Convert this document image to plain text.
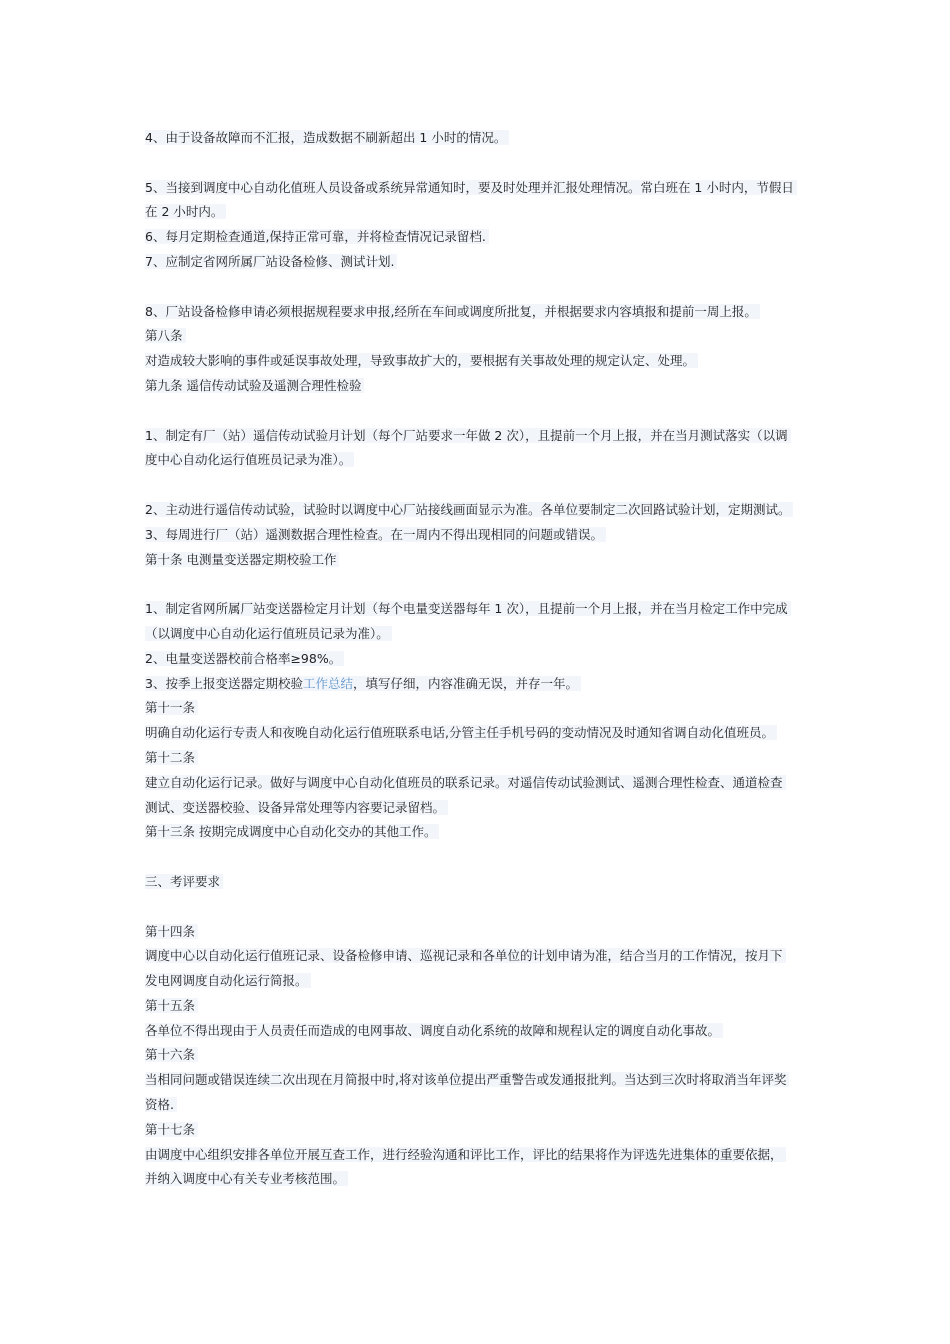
4、由于设备故障而不汇报，造成数据不刷新超出 1 小时的情况。
5、当接到调度中心自动化值班人员设备或系统异常通知时，要及时处理并汇报处理情况。常白班在 1 小时内，节假日
在 2 小时内。
6、每月定期检查通道,保持正常可靠，并将检查情况记录留档.
7、应制定省网所属厂站设备检修、测试计划.
8、厂站设备检修申请必须根据规程要求申报,经所在车间或调度所批复，并根据要求内容填报和提前一周上报。
第八条
对造成较大影响的事件或延误事故处理，导致事故扩大的，要根据有关事故处理的规定认定、处理。
第九条 遥信传动试验及遥测合理性检验
1、制定有厂（站）遥信传动试验月计划（每个厂站要求一年做 2 次），且提前一个月上报，并在当月测试落实（以调
度中心自动化运行值班员记录为准）。
2、主动进行遥信传动试验，试验时以调度中心厂站接线画面显示为准。各单位要制定二次回路试验计划，定期测试。
3、每周进行厂（站）遥测数据合理性检查。在一周内不得出现相同的问题或错误。
第十条 电测量变送器定期校验工作
1、制定省网所属厂站变送器检定月计划（每个电量变送器每年 1 次），且提前一个月上报，并在当月检定工作中完成
（以调度中心自动化运行值班员记录为准）。
2、电量变送器校前合格率≥98%。
3、按季上报变送器定期校验工作总结，填写仔细，内容准确无误，并存一年。
第十一条
明确自动化运行专责人和夜晚自动化运行值班联系电话,分管主任手机号码的变动情况及时通知省调自动化值班员。
第十二条
建立自动化运行记录。做好与调度中心自动化值班员的联系记录。对遥信传动试验测试、遥测合理性检查、通道检查
测试、变送器校验、设备异常处理等内容要记录留档。
第十三条 按期完成调度中心自动化交办的其他工作。
三、考评要求
第十四条
调度中心以自动化运行值班记录、设备检修申请、巡视记录和各单位的计划申请为准，结合当月的工作情况，按月下
发电网调度自动化运行简报。
第十五条
各单位不得出现由于人员责任而造成的电网事故、调度自动化系统的故障和规程认定的调度自动化事故。
第十六条
当相同问题或错误连续二次出现在月简报中时,将对该单位提出严重警告或发通报批判。当达到三次时将取消当年评奖
资格.
第十七条
由调度中心组织安排各单位开展互查工作，进行经验沟通和评比工作，评比的结果将作为评选先进集体的重要依据，
并纳入调度中心有关专业考核范围。
